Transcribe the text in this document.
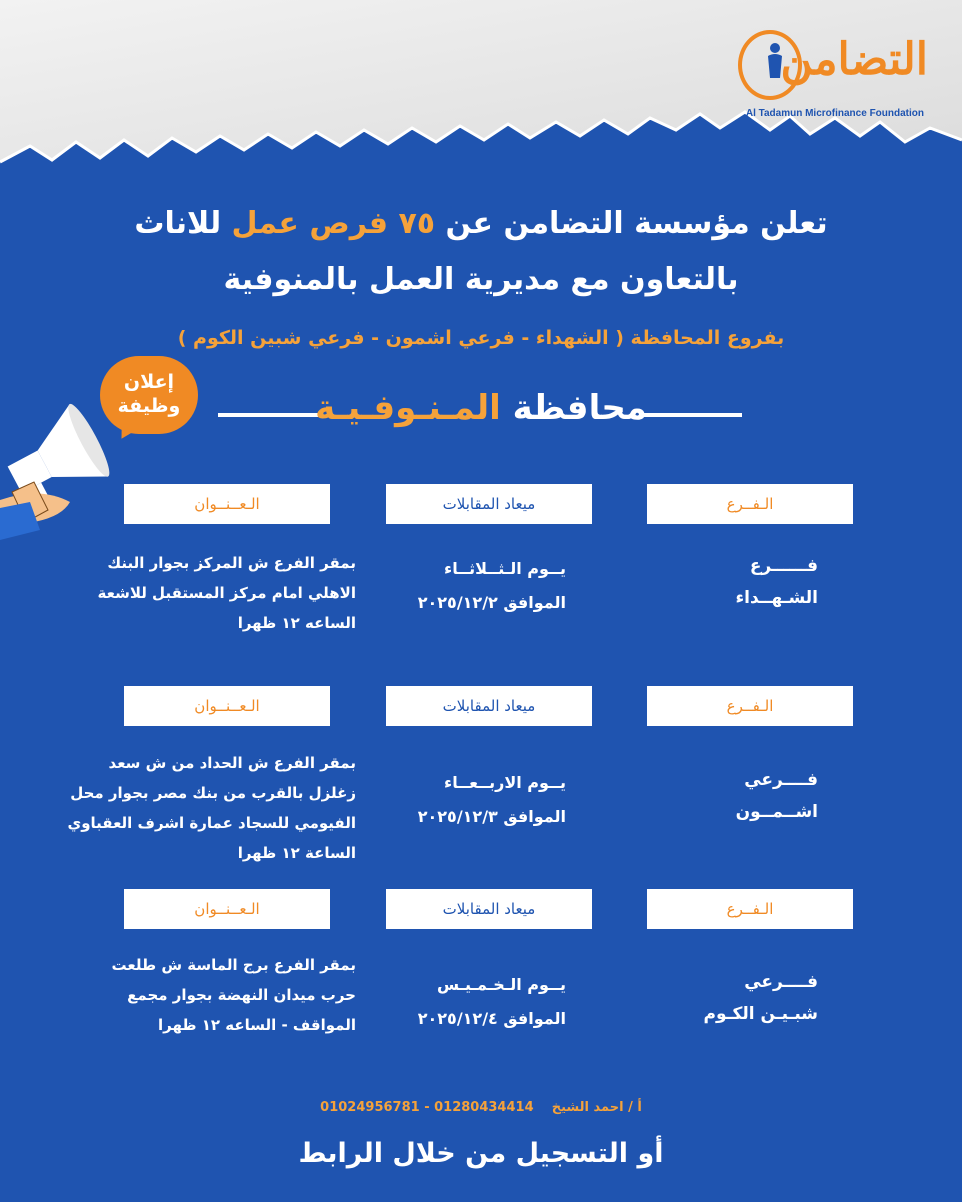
التضامن
Al Tadamun Microfinance Foundation
تعلن مؤسسة التضامن عن ٧٥ فرص عمل للاناث
بالتعاون مع مديرية العمل بالمنوفية
بفروع المحافظة ( الشهداء - فرعي اشمون - فرعي شبين الكوم )
محافظة المـنـوفـيـة
إعلان
وظيفة
الـفــرع
ميعاد المقابلات
الـعــنــوان
فــــــرع
الشـهــداء
يــوم الـثــلاثــاء
الموافق ٢٠٢٥/١٢/٢
بمقر الفرع ش المركز بجوار البنك
الاهلي امام مركز المستقبل للاشعة
الساعه ١٢ ظهرا
الـفــرع
ميعاد المقابلات
الـعــنــوان
فــــرعي
اشــمــون
يــوم الاربــعــاء
الموافق ٢٠٢٥/١٢/٣
بمقر الفرع ش الحداد من ش سعد
زغلزل بالقرب من بنك مصر بجوار محل
الفيومي للسجاد عمارة اشرف العقباوي
الساعة ١٢ ظهرا
الـفــرع
ميعاد المقابلات
الـعــنــوان
فــــرعي
شبـيـن الكـوم
يــوم الـخـمـيـس
الموافق ٢٠٢٥/١٢/٤
بمقر الفرع برج الماسة ش طلعت
حرب ميدان النهضة بجوار مجمع
المواقف - الساعه ١٢ ظهرا
أ / احمد الشيخ    01024956781 - 01280434414
أو التسجيل من خلال الرابط
